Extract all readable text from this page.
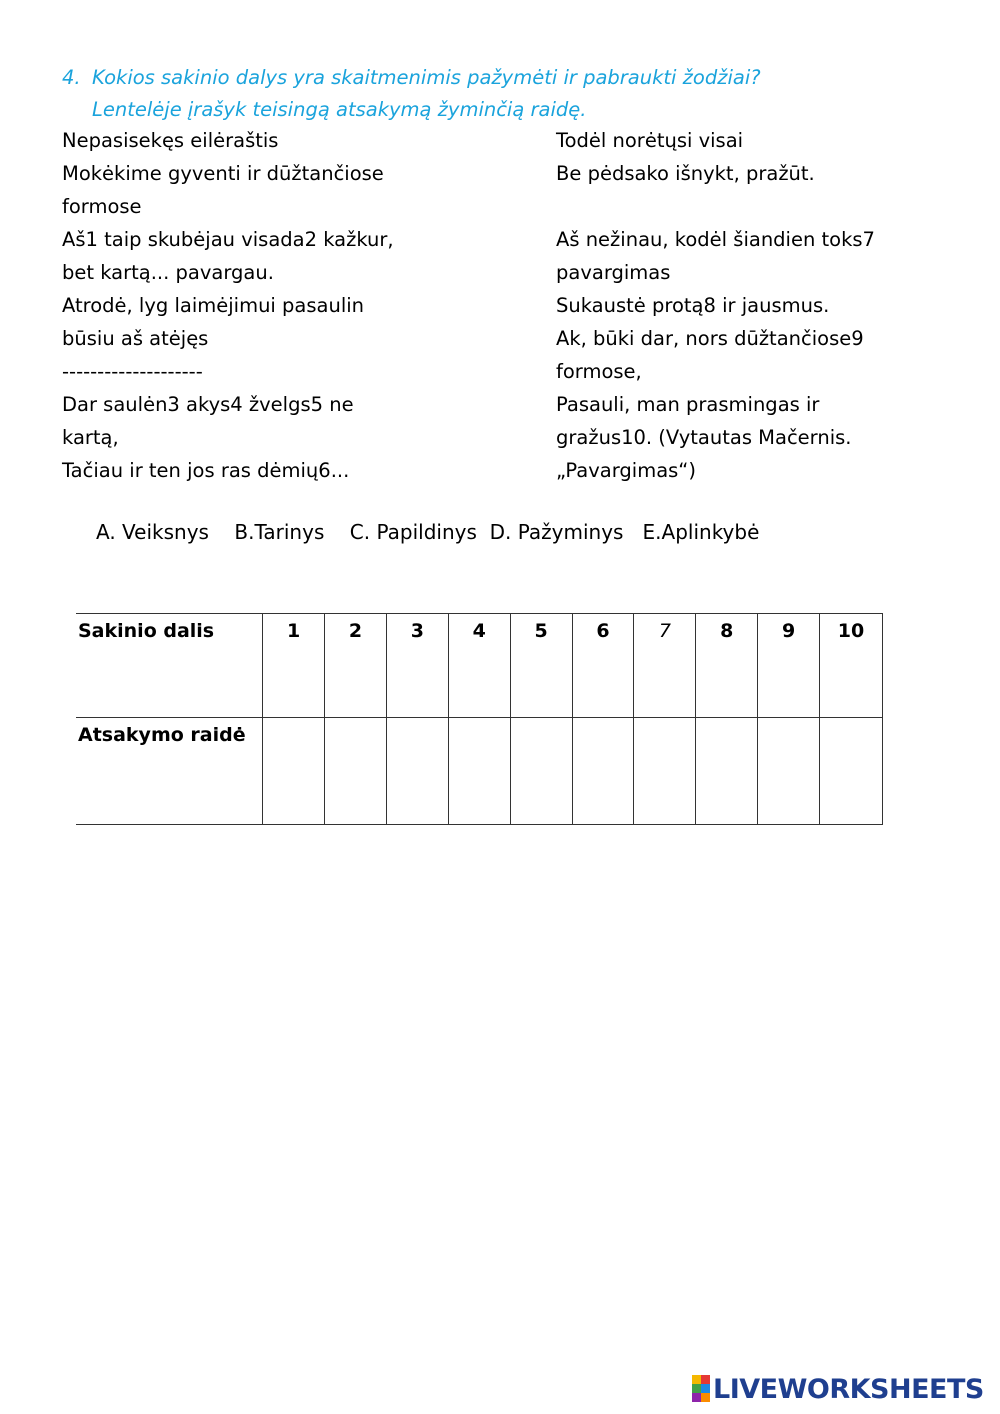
4. Kokios sakinio dalys yra skaitmenimis pažymėti ir pabraukti žodžiai?
Lentelėje įrašyk teisingą atsakymą žyminčią raidę.
Nepasisekęs eilėraštis
Mokėkime gyventi ir dūžtančiose
formose
Aš1 taip skubėjau visada2 kažkur,
bet kartą... pavargau.
Atrodė, lyg laimėjimui pasaulin
būsiu aš atėjęs
--------------------
Dar saulėn3 akys4 žvelgs5 ne
kartą,
Tačiau ir ten jos ras dėmių6...
Todėl norėtųsi visai
Be pėdsako išnykt, pražūt.
Aš nežinau, kodėl šiandien toks7
pavargimas
Sukaustė protą8 ir jausmus.
Ak, būki dar, nors dūžtančiose9
formose,
Pasauli, man prasmingas ir
gražus10. (Vytautas Mačernis.
„Pavargimas“)
A. Veiksnys B.Tarinys C. Papildinys D. Pažyminys E.Aplinkybė
Sakinio dalis	1	2	3	4	5	6	7	8	9	10
Atsakymo raidė										
LIVEWORKSHEETS
